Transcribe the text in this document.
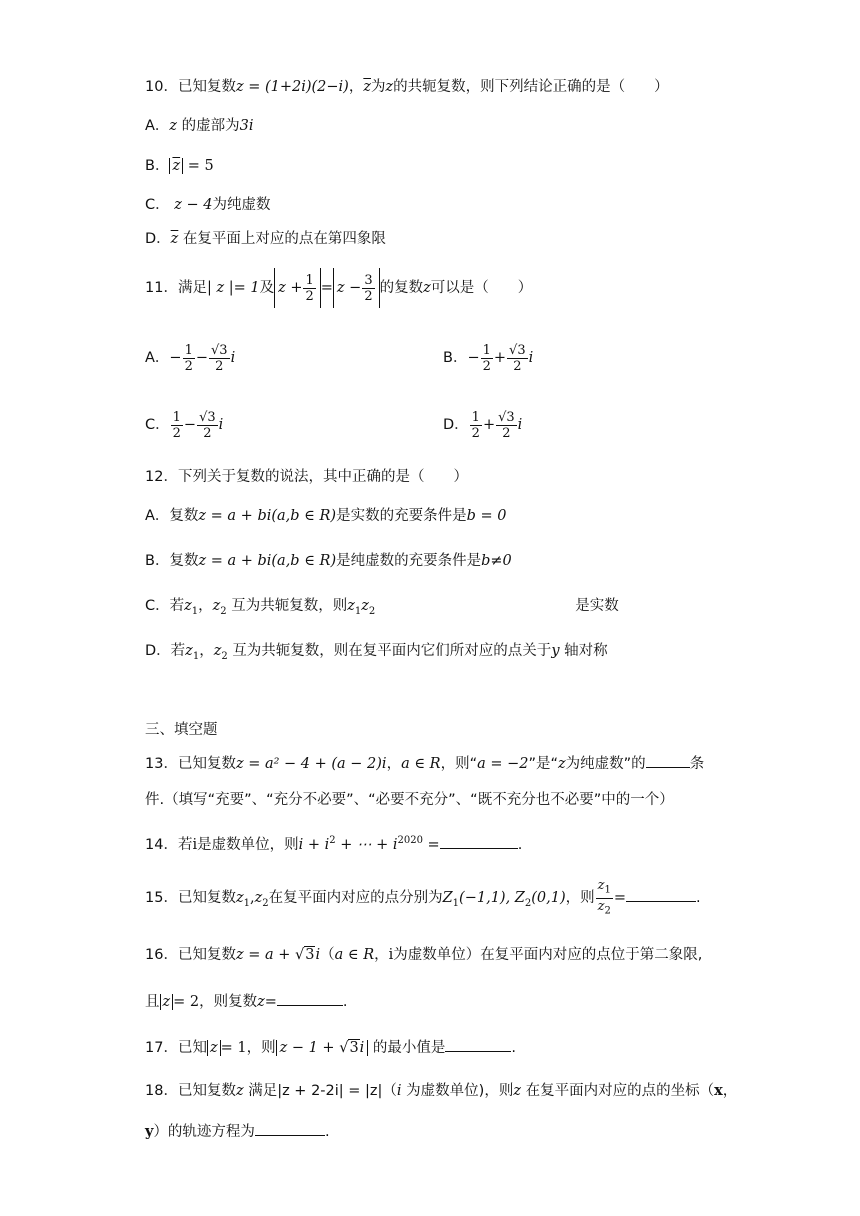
10．已知复数z = (1+2i)(2−i)，$\overline{z}$为z的共轭复数，则下列结论正确的是（　　）
A．z 的虚部为3i
B． $\overline{z} = 5$
C． z − 4为纯虚数
D．$\overline{z}$ 在复平面上对应的点在第四象限
11．满足| z |= 1及 $z + \frac{1}{2} = z - \frac{3}{2}$ 的复数z可以是（　　）
A．− $\frac{1}{2} - \frac{√3}{2}$ i	B．− $\frac{1}{2} + \frac{√3}{2}$ i
C． $\frac{1}{2} - \frac{√3}{2}$ i	D． $\frac{1}{2} + \frac{√3}{2}$ i
12．下列关于复数的说法，其中正确的是（　　）
A．复数z = a + bi(a,b ∈ R)是实数的充要条件是b = 0
B．复数z = a + bi(a,b ∈ R)是纯虚数的充要条件是b≠0
C．若$z_1$，$z_2$ 互为共轭复数，则$z_1z_2$	是实数
D．若$z_1$，$z_2$ 互为共轭复数，则在复平面内它们所对应的点关于y 轴对称
三、填空题
13．已知复数z = a² − 4 + (a − 2)i，a ∈ R，则“a = −2”是“z为纯虚数”的	条
件.（填写“充要”、“充分不必要”、“必要不充分”、“既不充分也不必要”中的一个）
14．若i是虚数单位，则$i + i^2$ + ⋯ + $i^{2020}$ =	.
15．已知复数$z_1,z_2$在复平面内对应的点分别为$Z_1(-1,1)$, $Z_2(0,1)$，则 $\frac{z_1}{z_2}$ =	.
16．已知复数z = a + √3i（a ∈ R，i为虚数单位）在复平面内对应的点位于第二象限,
且 z = 2，则复数z=	.
17．已知 z = 1，则 z − 1 + √3i 的最小值是	.
18．已知复数z 满足|z + 2-2i| = |z|（i 为虚数单位)，则z 在复平面内对应的点的坐标（x，
y）的轨迹方程为	.
